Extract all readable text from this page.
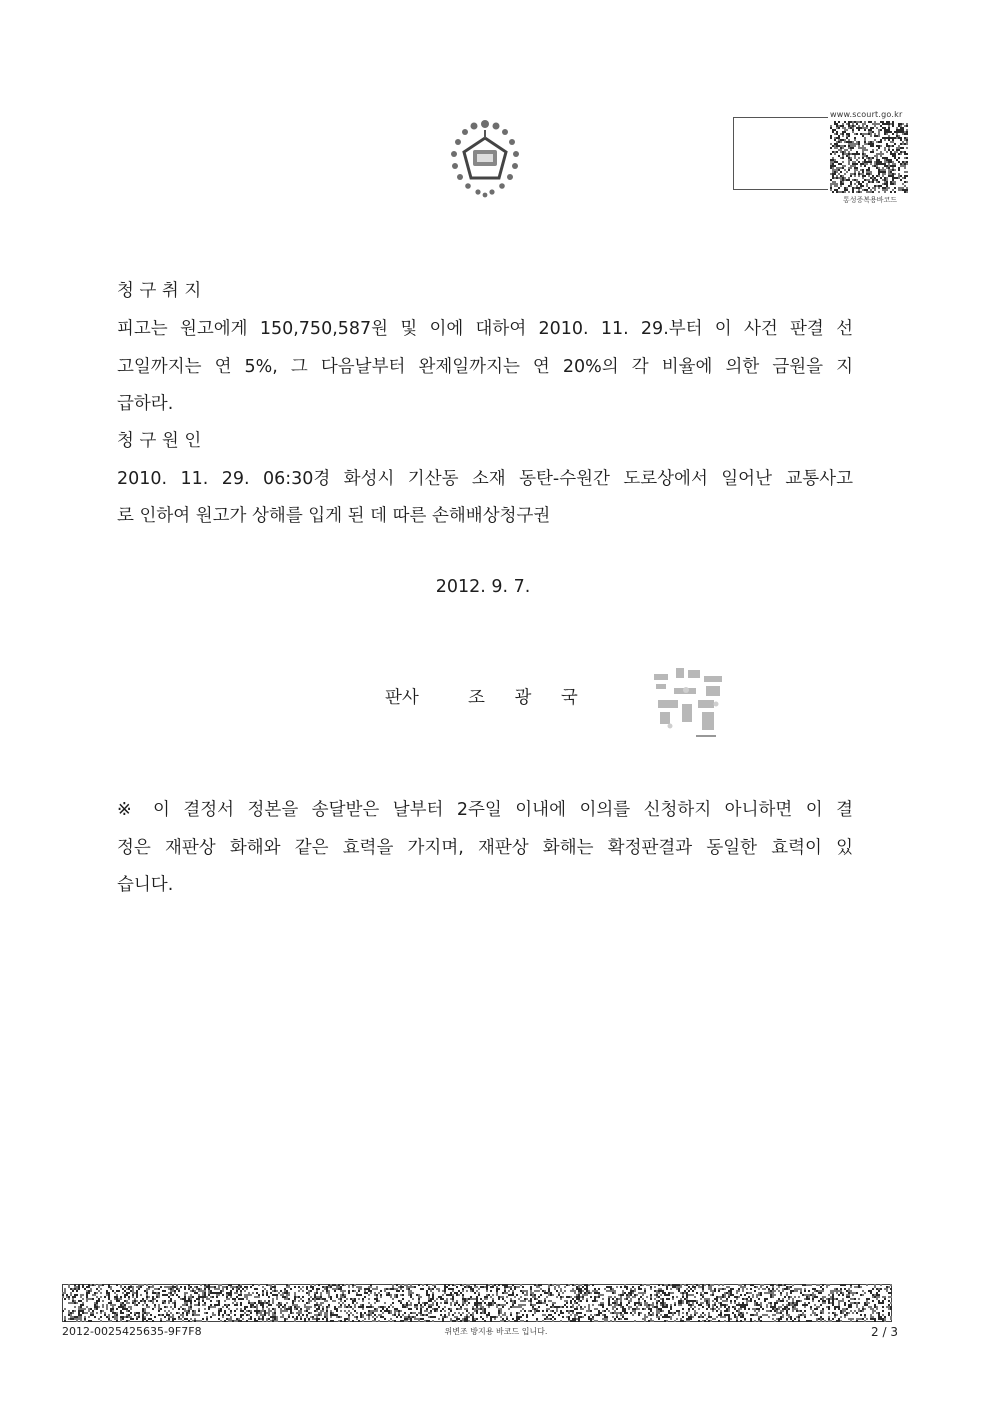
www.scourt.go.kr
통성증복용바코드
청 구 취 지
피고는 원고에게 150,750,587원 및 이에 대하여 2010. 11. 29.부터 이 사건 판결 선
고일까지는 연 5%, 그 다음날부터 완제일까지는 연 20%의 각 비율에 의한 금원을 지
급하라.
청 구 원 인
2010. 11. 29. 06:30경 화성시 기산동 소재 동탄-수원간 도로상에서 일어난 교통사고
로 인하여 원고가 상해를 입게 된 데 따른 손해배상청구권
2012. 9. 7.
판사	조 광 국
※ 이 결정서 정본을 송달받은 날부터 2주일 이내에 이의를 신청하지 아니하면 이 결
정은 재판상 화해와 같은 효력을 가지며, 재판상 화해는 확정판결과 동일한 효력이 있
습니다.
2012-0025425635-9F7F8	위변조 방지용 바코드 입니다.	2 / 3
